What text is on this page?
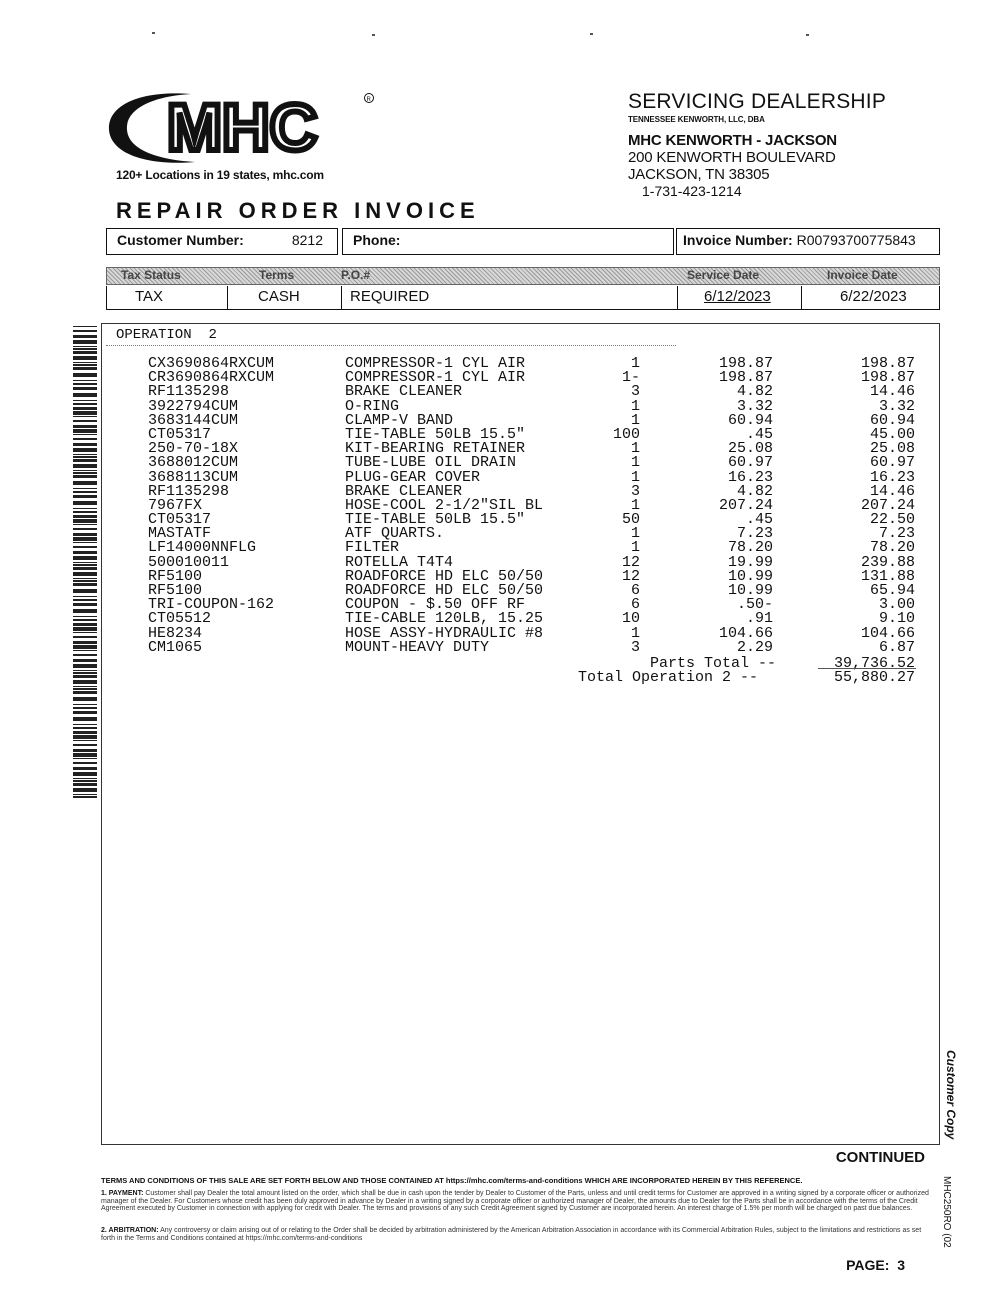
MHC	R
120+ Locations in 19 states, mhc.com
REPAIR ORDER INVOICE
SERVICING DEALERSHIP
TENNESSEE KENWORTH, LLC, DBA
MHC KENWORTH - JACKSON
200 KENWORTH BOULEVARD
JACKSON, TN 38305
1-731-423-1214
Customer Number:	8212	Phone:	Invoice Number: R00793700775843
Tax Status	Terms	P.O.#	Service Date	Invoice Date
TAX	CASH	REQUIRED	6/12/2023	6/22/2023
OPERATION 2
CX3690864RXCUM	COMPRESSOR-1 CYL AIR	1	198.87	198.87
CR3690864RXCUM	COMPRESSOR-1 CYL AIR	1-	198.87	198.87
RF1135298	BRAKE CLEANER	3	4.82	14.46
3922794CUM	O-RING	1	3.32	3.32
3683144CUM	CLAMP-V BAND	1	60.94	60.94
CT05317	TIE-TABLE 50LB 15.5"	100	.45	45.00
250-70-18X	KIT-BEARING RETAINER	1	25.08	25.08
3688012CUM	TUBE-LUBE OIL DRAIN	1	60.97	60.97
3688113CUM	PLUG-GEAR COVER	1	16.23	16.23
RF1135298	BRAKE CLEANER	3	4.82	14.46
7967FX	HOSE-COOL 2-1/2"SIL BL	1	207.24	207.24
CT05317	TIE-TABLE 50LB 15.5"	50	.45	22.50
MASTATF	ATF QUARTS.	1	7.23	7.23
LF14000NNFLG	FILTER	1	78.20	78.20
500010011	ROTELLA T4T4	12	19.99	239.88
RF5100	ROADFORCE HD ELC 50/50	12	10.99	131.88
RF5100	ROADFORCE HD ELC 50/50	6	10.99	65.94
TRI-COUPON-162	COUPON - $.50 OFF RF	6	.50-	3.00
CT05512	TIE-CABLE 120LB, 15.25	10	.91	9.10
HE8234	HOSE ASSY-HYDRAULIC #8	1	104.66	104.66
CM1065	MOUNT-HEAVY DUTY	3	2.29	6.87
Parts Total --	39,736.52
Total Operation 2 --	55,880.27
Customer Copy
MHC250RO (02
CONTINUED
TERMS AND CONDITIONS OF THIS SALE ARE SET FORTH BELOW AND THOSE CONTAINED AT https://mhc.com/terms-and-conditions WHICH ARE INCORPORATED HEREIN BY THIS REFERENCE.
1. PAYMENT: Customer shall pay Dealer the total amount listed on the order, which shall be due in cash upon the tender by Dealer to Customer of the Parts, unless and until credit terms for Customer are approved in a writing signed by a corporate officer or authorized manager of the Dealer. For Customers whose credit has been duly approved in advance by Dealer in a writing signed by a corporate officer or authorized manager of Dealer, the amounts due to Dealer for the Parts shall be in accordance with the terms of the Credit Agreement executed by Customer in connection with applying for credit with Dealer. The terms and provisions of any such Credit Agreement signed by Customer are incorporated herein. An interest charge of 1.5% per month will be charged on past due balances.
2. ARBITRATION: Any controversy or claim arising out of or relating to the Order shall be decided by arbitration administered by the American Arbitration Association in accordance with its Commercial Arbitration Rules, subject to the limitations and restrictions as set forth in the Terms and Conditions contained at https://mhc.com/terms-and-conditions
PAGE: 3
